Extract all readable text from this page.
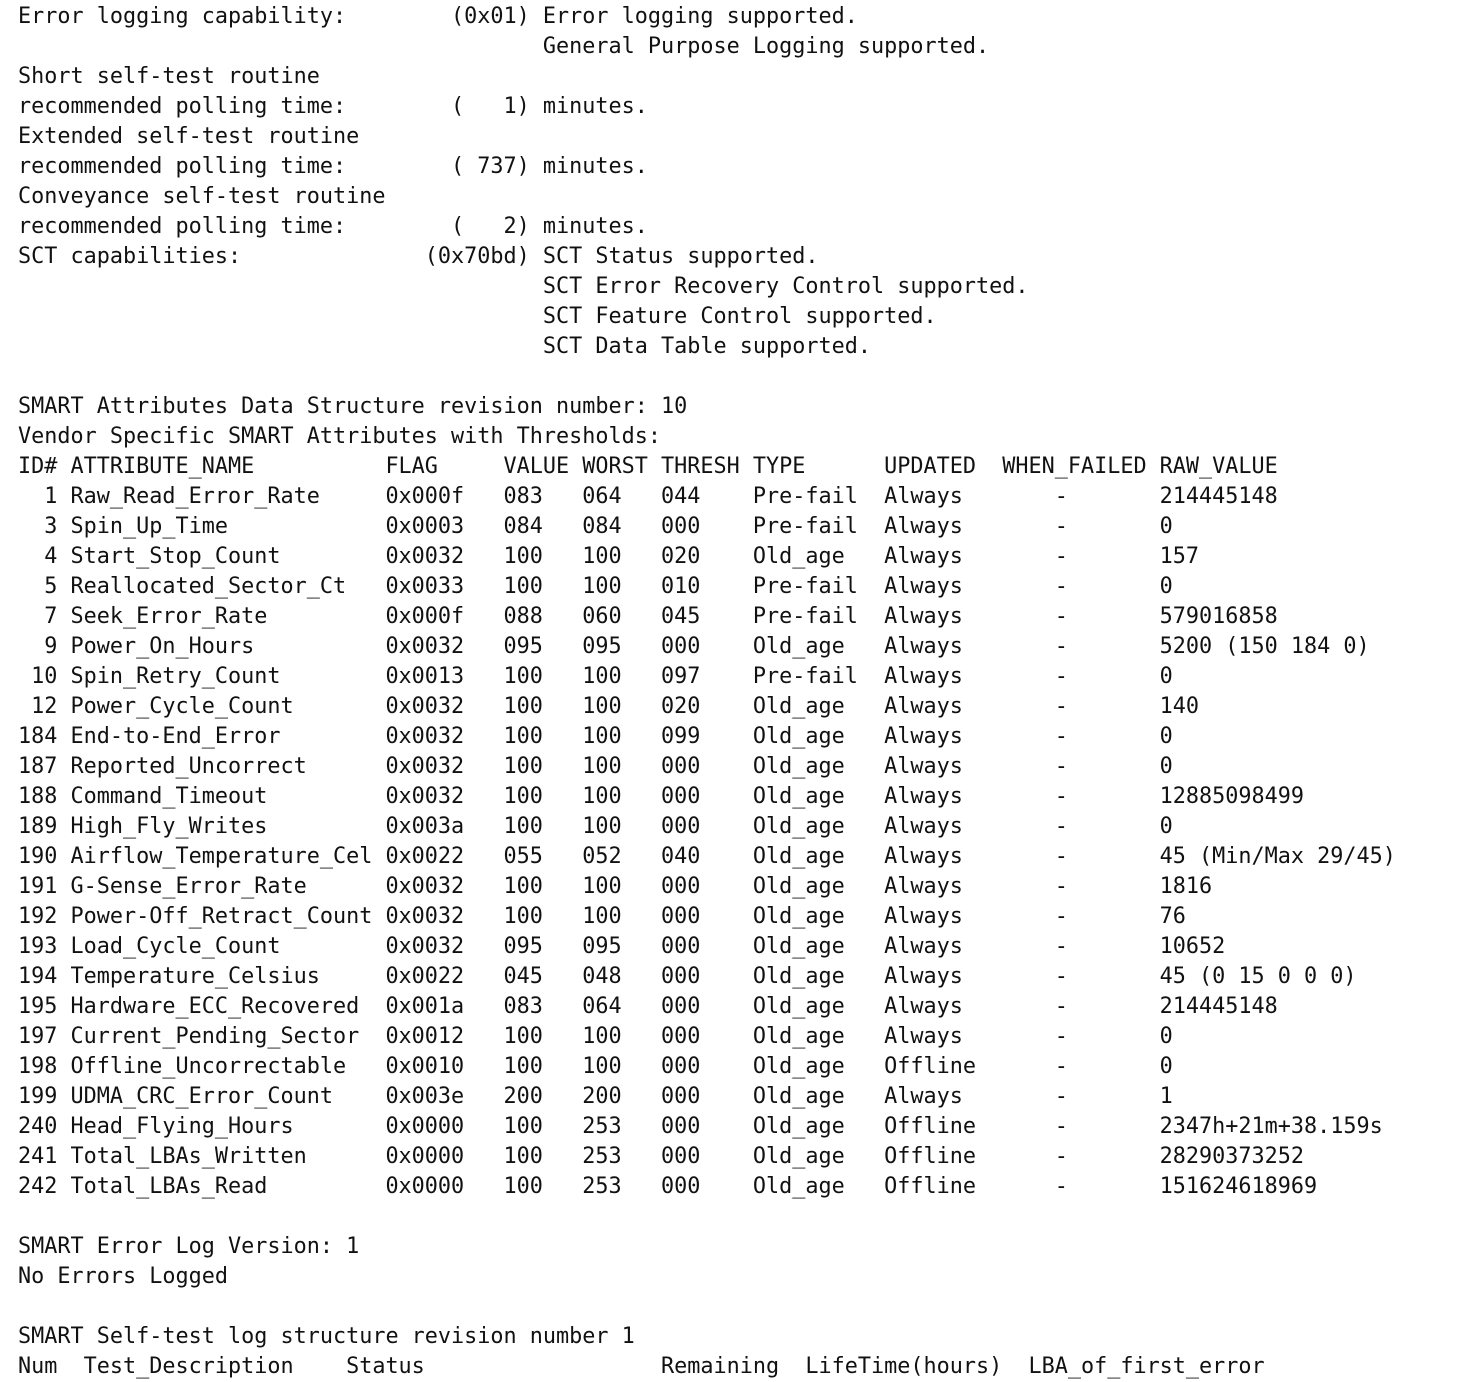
Error logging capability:        (0x01) Error logging supported.
General Purpose Logging supported.
Short self-test routine
recommended polling time:        (   1) minutes.
Extended self-test routine
recommended polling time:        ( 737) minutes.
Conveyance self-test routine
recommended polling time:        (   2) minutes.
SCT capabilities:              (0x70bd) SCT Status supported.
SCT Error Recovery Control supported.
SCT Feature Control supported.
SCT Data Table supported.
SMART Attributes Data Structure revision number: 10
Vendor Specific SMART Attributes with Thresholds:
ID# ATTRIBUTE_NAME          FLAG     VALUE WORST THRESH TYPE      UPDATED  WHEN_FAILED RAW_VALUE
1 Raw_Read_Error_Rate     0x000f   083   064   044    Pre-fail  Always       -       214445148
3 Spin_Up_Time            0x0003   084   084   000    Pre-fail  Always       -       0
4 Start_Stop_Count        0x0032   100   100   020    Old_age   Always       -       157
5 Reallocated_Sector_Ct   0x0033   100   100   010    Pre-fail  Always       -       0
7 Seek_Error_Rate         0x000f   088   060   045    Pre-fail  Always       -       579016858
9 Power_On_Hours          0x0032   095   095   000    Old_age   Always       -       5200 (150 184 0)
10 Spin_Retry_Count        0x0013   100   100   097    Pre-fail  Always       -       0
12 Power_Cycle_Count       0x0032   100   100   020    Old_age   Always       -       140
184 End-to-End_Error        0x0032   100   100   099    Old_age   Always       -       0
187 Reported_Uncorrect      0x0032   100   100   000    Old_age   Always       -       0
188 Command_Timeout         0x0032   100   100   000    Old_age   Always       -       12885098499
189 High_Fly_Writes         0x003a   100   100   000    Old_age   Always       -       0
190 Airflow_Temperature_Cel 0x0022   055   052   040    Old_age   Always       -       45 (Min/Max 29/45)
191 G-Sense_Error_Rate      0x0032   100   100   000    Old_age   Always       -       1816
192 Power-Off_Retract_Count 0x0032   100   100   000    Old_age   Always       -       76
193 Load_Cycle_Count        0x0032   095   095   000    Old_age   Always       -       10652
194 Temperature_Celsius     0x0022   045   048   000    Old_age   Always       -       45 (0 15 0 0 0)
195 Hardware_ECC_Recovered  0x001a   083   064   000    Old_age   Always       -       214445148
197 Current_Pending_Sector  0x0012   100   100   000    Old_age   Always       -       0
198 Offline_Uncorrectable   0x0010   100   100   000    Old_age   Offline      -       0
199 UDMA_CRC_Error_Count    0x003e   200   200   000    Old_age   Always       -       1
240 Head_Flying_Hours       0x0000   100   253   000    Old_age   Offline      -       2347h+21m+38.159s
241 Total_LBAs_Written      0x0000   100   253   000    Old_age   Offline      -       28290373252
242 Total_LBAs_Read         0x0000   100   253   000    Old_age   Offline      -       151624618969
SMART Error Log Version: 1
No Errors Logged
SMART Self-test log structure revision number 1
Num  Test_Description    Status                  Remaining  LifeTime(hours)  LBA_of_first_error
